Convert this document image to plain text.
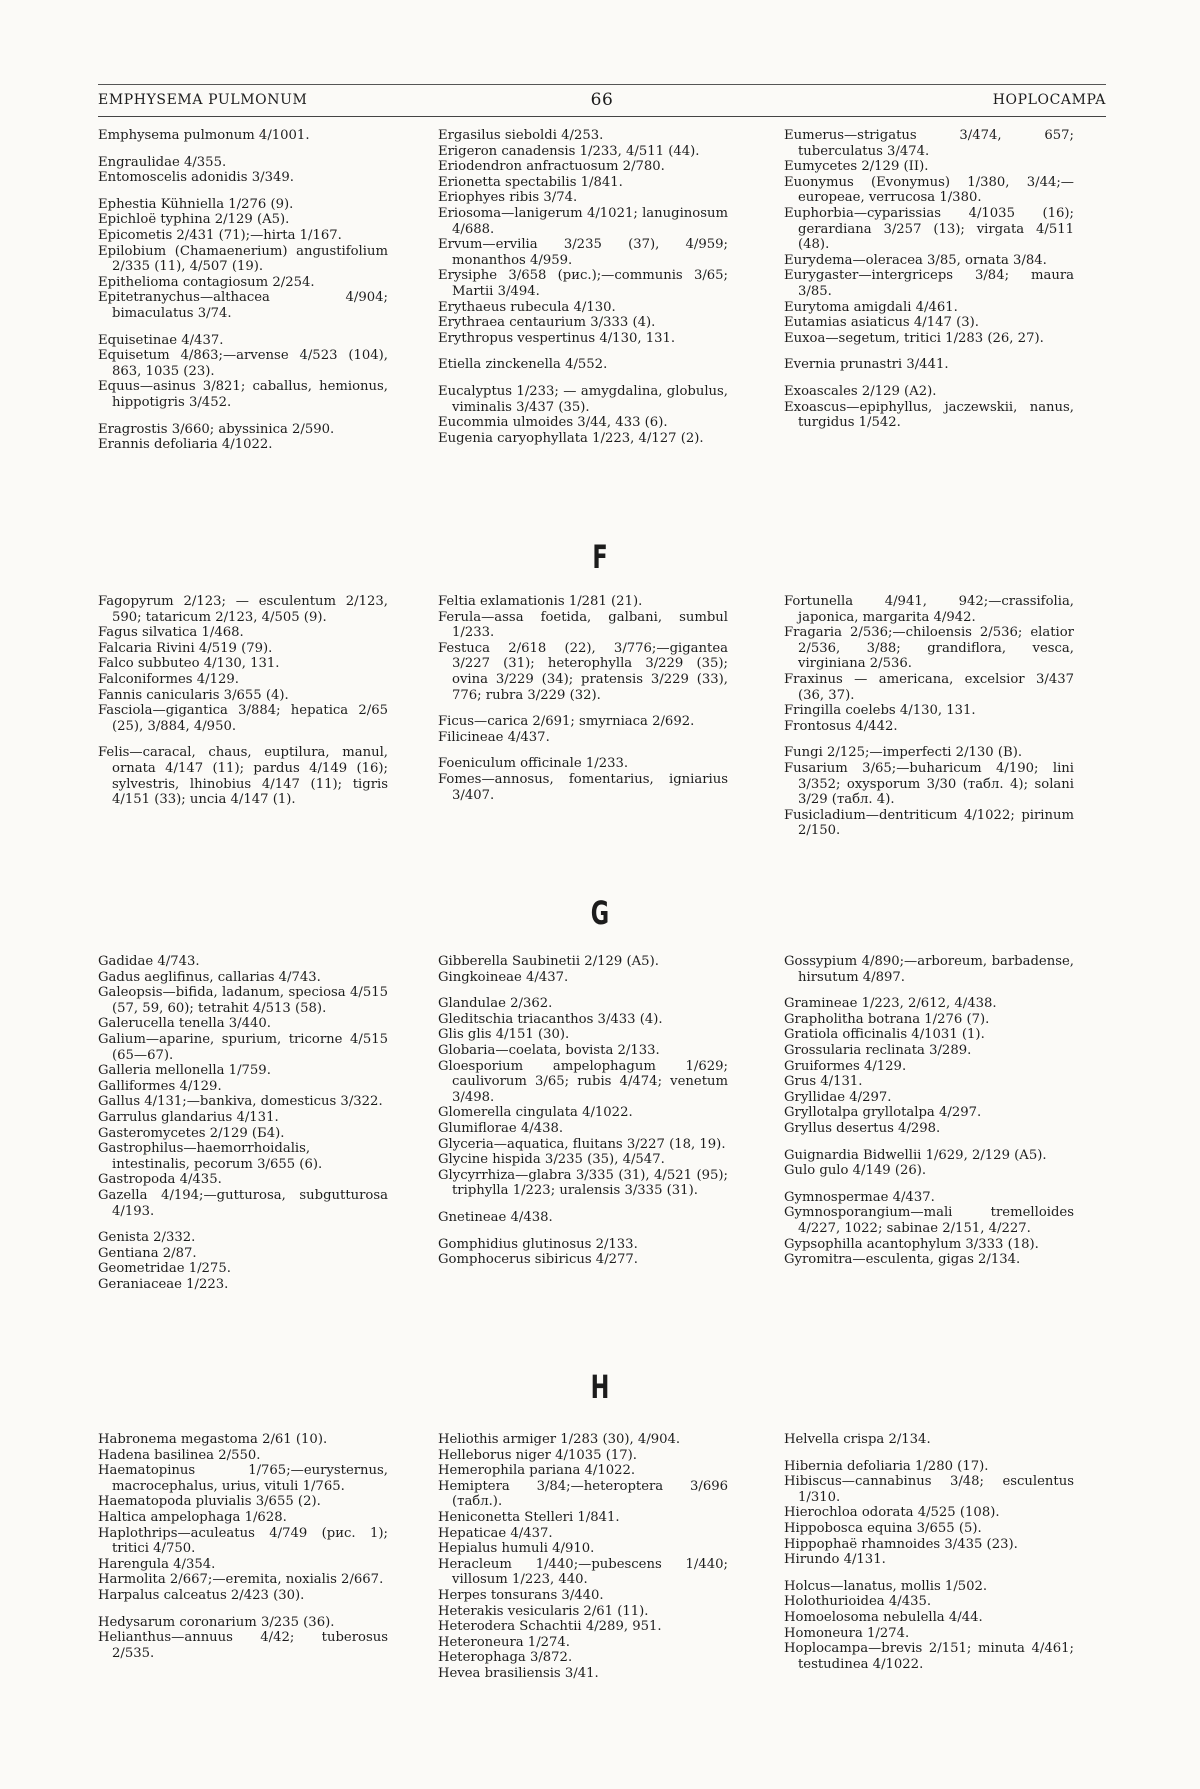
EMPHYSEMA PULMONUM	66	HOPLOCAMPA
Emphysema pulmonum 4/1001.
Engraulidae 4/355.
Entomoscelis adonidis 3/349.
Ephestia Kühniella 1/276 (9).
Epichloë typhina 2/129 (A5).
Epicometis 2/431 (71);—hirta 1/167.
Epilobium (Chamaenerium) angustifolium 2/335 (11), 4/507 (19).
Epithelioma contagiosum 2/254.
Epitetranychus—althacea 4/904; bimaculatus 3/74.
Equisetinae 4/437.
Equisetum 4/863;—arvense 4/523 (104), 863, 1035 (23).
Equus—asinus 3/821; caballus, hemionus, hippotigris 3/452.
Eragrostis 3/660; abyssinica 2/590.
Erannis defoliaria 4/1022.
Ergasilus sieboldi 4/253.
Erigeron canadensis 1/233, 4/511 (44).
Eriodendron anfractuosum 2/780.
Erionetta spectabilis 1/841.
Eriophyes ribis 3/74.
Eriosoma—lanigerum 4/1021; lanuginosum 4/688.
Ervum—ervilia 3/235 (37), 4/959; monanthos 4/959.
Erysiphe 3/658 (рис.);—communis 3/65; Martii 3/494.
Erythaeus rubecula 4/130.
Erythraea centaurium 3/333 (4).
Erythropus vespertinus 4/130, 131.
Etiella zinckenella 4/552.
Eucalyptus 1/233; — amygdalina, globulus, viminalis 3/437 (35).
Eucommia ulmoides 3/44, 433 (6).
Eugenia caryophyllata 1/223, 4/127 (2).
Eumerus—strigatus 3/474, 657; tuberculatus 3/474.
Eumycetes 2/129 (II).
Euonymus (Evonymus) 1/380, 3/44;—europeae, verrucosa 1/380.
Euphorbia—cyparissias 4/1035 (16); gerardiana 3/257 (13); virgata 4/511 (48).
Eurydema—oleracea 3/85, ornata 3/84.
Eurygaster—intergriceps 3/84; maura 3/85.
Eurytoma amigdali 4/461.
Eutamias asiaticus 4/147 (3).
Euxoa—segetum, tritici 1/283 (26, 27).
Evernia prunastri 3/441.
Exoascales 2/129 (A2).
Exoascus—epiphyllus, jaczewskii, nanus, turgidus 1/542.
F
Fagopyrum 2/123; — esculentum 2/123, 590; tataricum 2/123, 4/505 (9).
Fagus silvatica 1/468.
Falcaria Rivini 4/519 (79).
Falco subbuteo 4/130, 131.
Falconiformes 4/129.
Fannis canicularis 3/655 (4).
Fasciola—gigantica 3/884; hepatica 2/65 (25), 3/884, 4/950.
Felis—caracal, chaus, euptilura, manul, ornata 4/147 (11); pardus 4/149 (16); sylvestris, lhinobius 4/147 (11); tigris 4/151 (33); uncia 4/147 (1).
Feltia exlamationis 1/281 (21).
Ferula—assa foetida, galbani, sumbul 1/233.
Festuca 2/618 (22), 3/776;—gigantea 3/227 (31); heterophylla 3/229 (35); ovina 3/229 (34); pratensis 3/229 (33), 776; rubra 3/229 (32).
Ficus—carica 2/691; smyrniaca 2/692.
Filicineae 4/437.
Foeniculum officinale 1/233.
Fomes—annosus, fomentarius, igniarius 3/407.
Fortunella 4/941, 942;—crassifolia, japonica, margarita 4/942.
Fragaria 2/536;—chiloensis 2/536; elatior 2/536, 3/88; grandiflora, vesca, virginiana 2/536.
Fraxinus — americana, excelsior 3/437 (36, 37).
Fringilla coelebs 4/130, 131.
Frontosus 4/442.
Fungi 2/125;—imperfecti 2/130 (B).
Fusarium 3/65;—buharicum 4/190; lini 3/352; oxysporum 3/30 (табл. 4); solani 3/29 (табл. 4).
Fusicladium—dentriticum 4/1022; pirinum 2/150.
G
Gadidae 4/743.
Gadus aeglifinus, callarias 4/743.
Galeopsis—bifida, ladanum, speciosa 4/515 (57, 59, 60); tetrahit 4/513 (58).
Galerucella tenella 3/440.
Galium—aparine, spurium, tricorne 4/515 (65—67).
Galleria mellonella 1/759.
Galliformes 4/129.
Gallus 4/131;—bankiva, domesticus 3/322.
Garrulus glandarius 4/131.
Gasteromycetes 2/129 (Б4).
Gastrophilus—haemorrhoidalis, intestinalis, pecorum 3/655 (6).
Gastropoda 4/435.
Gazella 4/194;—gutturosa, subgutturosa 4/193.
Genista 2/332.
Gentiana 2/87.
Geometridae 1/275.
Geraniaceae 1/223.
Gibberella Saubinetii 2/129 (A5).
Gingkoineae 4/437.
Glandulae 2/362.
Gleditschia triacanthos 3/433 (4).
Glis glis 4/151 (30).
Globaria—coelata, bovista 2/133.
Gloesporium ampelophagum 1/629; caulivorum 3/65; rubis 4/474; venetum 3/498.
Glomerella cingulata 4/1022.
Glumiflorae 4/438.
Glyceria—aquatica, fluitans 3/227 (18, 19).
Glycine hispida 3/235 (35), 4/547.
Glycyrrhiza—glabra 3/335 (31), 4/521 (95); triphylla 1/223; uralensis 3/335 (31).
Gnetineae 4/438.
Gomphidius glutinosus 2/133.
Gomphocerus sibiricus 4/277.
Gossypium 4/890;—arboreum, barbadense, hirsutum 4/897.
Gramineae 1/223, 2/612, 4/438.
Grapholitha botrana 1/276 (7).
Gratiola officinalis 4/1031 (1).
Grossularia reclinata 3/289.
Gruiformes 4/129.
Grus 4/131.
Gryllidae 4/297.
Gryllotalpa gryllotalpa 4/297.
Gryllus desertus 4/298.
Guignardia Bidwellii 1/629, 2/129 (A5).
Gulo gulo 4/149 (26).
Gymnospermae 4/437.
Gymnosporangium—mali tremelloides 4/227, 1022; sabinae 2/151, 4/227.
Gypsophilla acantophylum 3/333 (18).
Gyromitra—esculenta, gigas 2/134.
H
Habronema megastoma 2/61 (10).
Hadena basilinea 2/550.
Haematopinus 1/765;—eurysternus, macrocephalus, urius, vituli 1/765.
Haematopoda pluvialis 3/655 (2).
Haltica ampelophaga 1/628.
Haplothrips—aculeatus 4/749 (рис. 1); tritici 4/750.
Harengula 4/354.
Harmolita 2/667;—eremita, noxialis 2/667.
Harpalus calceatus 2/423 (30).
Hedysarum coronarium 3/235 (36).
Helianthus—annuus 4/42; tuberosus 2/535.
Heliothis armiger 1/283 (30), 4/904.
Helleborus niger 4/1035 (17).
Hemerophila pariana 4/1022.
Hemiptera 3/84;—heteroptera 3/696 (табл.).
Heniconetta Stelleri 1/841.
Hepaticae 4/437.
Hepialus humuli 4/910.
Heracleum 1/440;—pubescens 1/440; villosum 1/223, 440.
Herpes tonsurans 3/440.
Heterakis vesicularis 2/61 (11).
Heterodera Schachtii 4/289, 951.
Heteroneura 1/274.
Heterophaga 3/872.
Hevea brasiliensis 3/41.
Helvella crispa 2/134.
Hibernia defoliaria 1/280 (17).
Hibiscus—cannabinus 3/48; esculentus 1/310.
Hierochloa odorata 4/525 (108).
Hippobosca equina 3/655 (5).
Hippophaë rhamnoides 3/435 (23).
Hirundo 4/131.
Holcus—lanatus, mollis 1/502.
Holothurioidea 4/435.
Homoelosoma nebulella 4/44.
Homoneura 1/274.
Hoplocampa—brevis 2/151; minuta 4/461; testudinea 4/1022.
